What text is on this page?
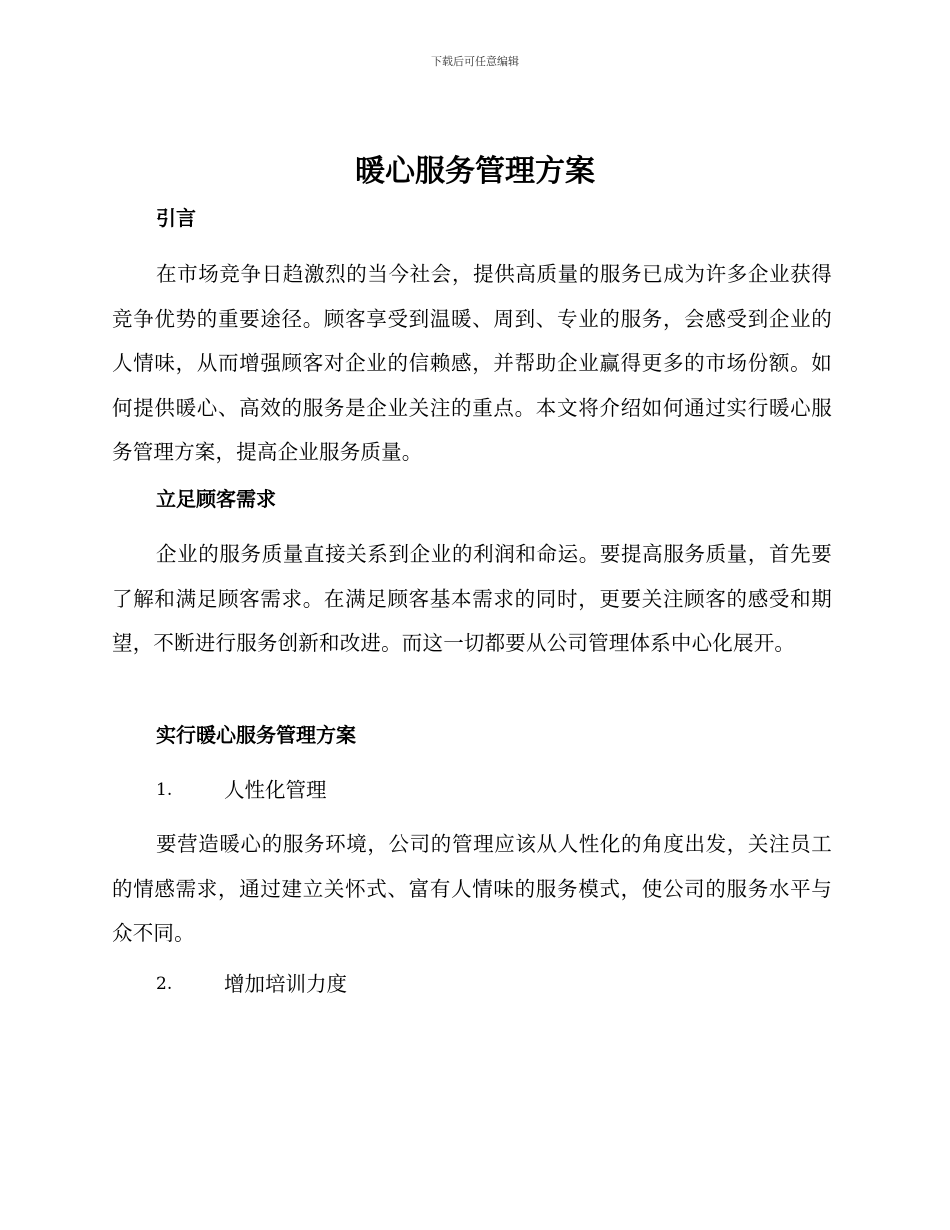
下载后可任意编辑
暖心服务管理方案
引言

在市场竞争日趋激烈的当今社会，提供高质量的服务已成为许多企业获得竞争优势的重要途径。顾客享受到温暖、周到、专业的服务，会感受到企业的人情味，从而增强顾客对企业的信赖感，并帮助企业赢得更多的市场份额。如何提供暖心、高效的服务是企业关注的重点。本文将介绍如何通过实行暖心服务管理方案，提高企业服务质量。

立足顾客需求

企业的服务质量直接关系到企业的利润和命运。要提高服务质量，首先要了解和满足顾客需求。在满足顾客基本需求的同时，更要关注顾客的感受和期望，不断进行服务创新和改进。而这一切都要从公司管理体系中心化展开。

实行暖心服务管理方案
1.	人性化管理

要营造暖心的服务环境，公司的管理应该从人性化的角度出发，关注员工的情感需求，通过建立关怀式、富有人情味的服务模式，使公司的服务水平与众不同。

2.	增加培训力度
